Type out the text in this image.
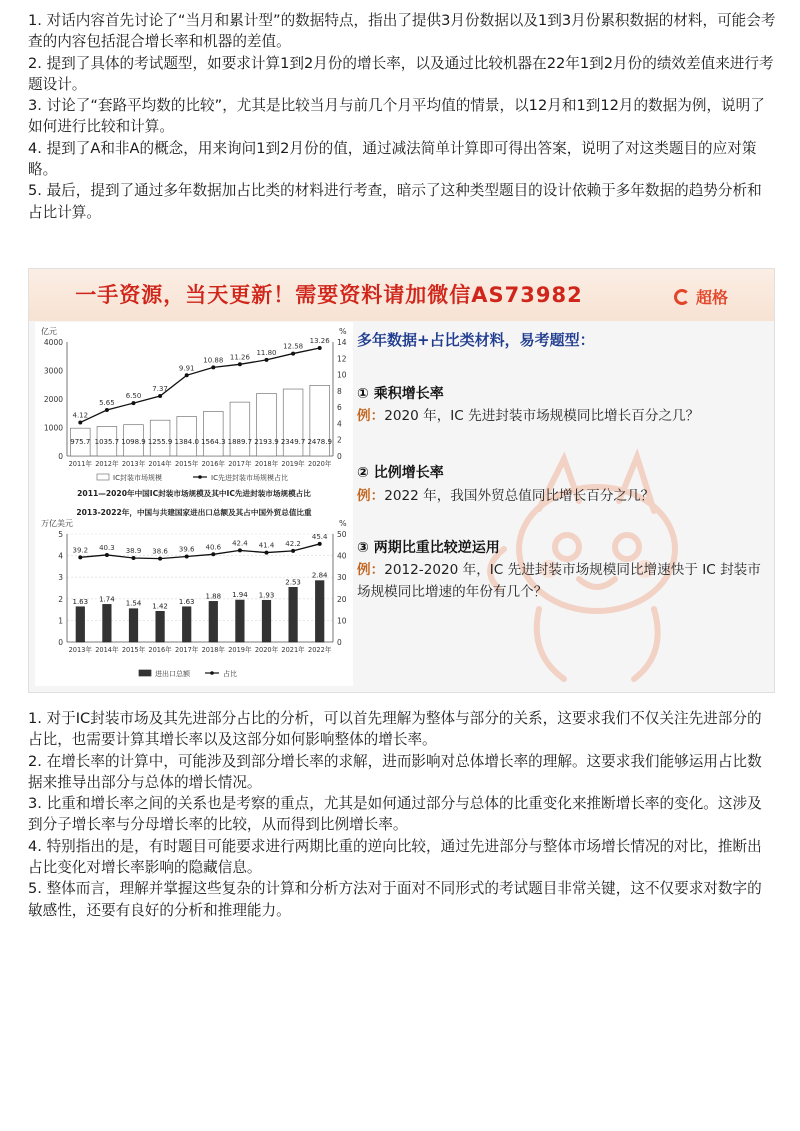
1. 对话内容首先讨论了“当月和累计型”的数据特点，指出了提供3月份数据以及1到3月份累积数据的材料，可能会考查的内容包括混合增长率和机器的差值。

2. 提到了具体的考试题型，如要求计算1到2月份的增长率，以及通过比较机器在22年1到2月份的绩效差值来进行考题设计。

3. 讨论了“套路平均数的比较”，尤其是比较当月与前几个月平均值的情景，以12月和1到12月的数据为例，说明了如何进行比较和计算。

4. 提到了A和非A的概念，用来询问1到2月份的值，通过减法简单计算即可得出答案，说明了对这类题目的应对策略。

5. 最后，提到了通过多年数据加占比类的材料进行考查，暗示了这种类型题目的设计依赖于多年数据的趋势分析和占比计算。

一手资源，当天更新！需要资料请加微信AS73982	超格
亿元	%
0
1000
2000
3000
4000
0
2
4
6
8
10
12
14
975.7
2011年
1035.7
2012年
1098.9
2013年
1255.9
2014年
1384.0
2015年
1564.3
2016年
1889.7
2017年
2193.9
2018年
2349.7
2019年
2478.9
2020年
4.12
5.65
6.50
7.37
9.91
10.88 11.26
11.80
12.58
13.26
IC封装市场规模	IC先进封装市场规模占比
2011—2020年中国IC封装市场规模及其中IC先进封装市场规模占比
2013-2022年，中国与共建国家进出口总额及其占中国外贸总值比重
万亿美元	%
0
1
2
3
4
5
0
10
20
30
40
50
1.63
2013年
1.74
2014年
1.54
2015年
1.42
2016年
1.63
2017年
1.88
2018年
1.94
2019年
1.93
2020年
2.53
2021年
2.84
2022年
39.2 40.3 38.9 38.6 39.6 40.6 42.4 41.4 42.2
45.4
进出口总额	占比
多年数据+占比类材料，易考题型：
① 乘积增长率
例：2020 年，IC 先进封装市场规模同比增长百分之几？
② 比例增长率
例：2022 年，我国外贸总值同比增长百分之几？
③ 两期比重比较逆运用
例：2012-2020 年，IC 先进封装市场规模同比增速快于 IC 封装市场规模同比增速的年份有几个？

1. 对于IC封装市场及其先进部分占比的分析，可以首先理解为整体与部分的关系，这要求我们不仅关注先进部分的占比，也需要计算其增长率以及这部分如何影响整体的增长率。

2. 在增长率的计算中，可能涉及到部分增长率的求解，进而影响对总体增长率的理解。这要求我们能够运用占比数据来推导出部分与总体的增长情况。

3. 比重和增长率之间的关系也是考察的重点，尤其是如何通过部分与总体的比重变化来推断增长率的变化。这涉及到分子增长率与分母增长率的比较，从而得到比例增长率。

4. 特别指出的是，有时题目可能要求进行两期比重的逆向比较，通过先进部分与整体市场增长情况的对比，推断出占比变化对增长率影响的隐藏信息。

5. 整体而言，理解并掌握这些复杂的计算和分析方法对于面对不同形式的考试题目非常关键，这不仅要求对数字的敏感性，还要有良好的分析和推理能力。
